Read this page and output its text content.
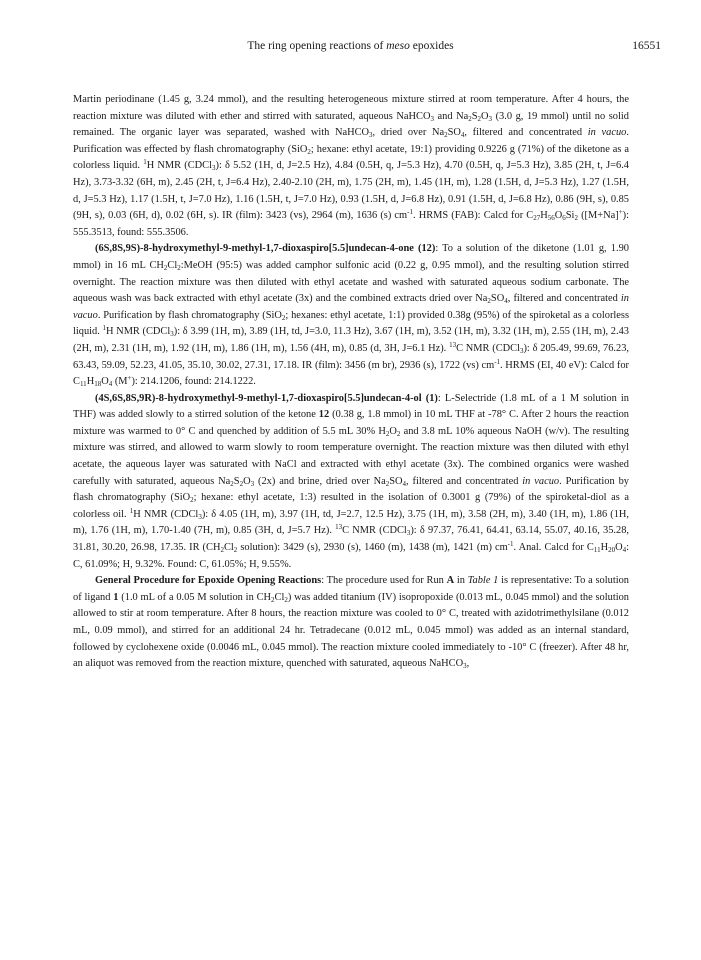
The ring opening reactions of meso epoxides	16551

Martin periodinane (1.45 g, 3.24 mmol), and the resulting heterogeneous mixture stirred at room temperature. After 4 hours, the reaction mixture was diluted with ether and stirred with saturated, aqueous NaHCO$_3$ and $Na_2S_2O_3$ (3.0 g, 19 mmol) until no solid remained. The organic layer was separated, washed with NaHCO$_3$, dried over $Na_2SO_4$, filtered and concentrated in vacuo. Purification was effected by flash chromatography (SiO$_2$; hexane: ethyl acetate, 19:1) providing 0.9226 g (71%) of the diketone as a colorless liquid. $^1$H NMR (CDCl$_3$): δ 5.52 (1H, d, J=2.5 Hz), 4.84 (0.5H, q, J=5.3 Hz), 4.70 (0.5H, q, J=5.3 Hz), 3.85 (2H, t, J=6.4 Hz), 3.73-3.32 (6H, m), 2.45 (2H, t, J=6.4 Hz), 2.40-2.10 (2H, m), 1.75 (2H, m), 1.45 (1H, m), 1.28 (1.5H, d, J=5.3 Hz), 1.27 (1.5H, d, J=5.3 Hz), 1.17 (1.5H, t, J=7.0 Hz), 1.16 (1.5H, t, J=7.0 Hz), 0.93 (1.5H, d, J=6.8 Hz), 0.91 (1.5H, d, J=6.8 Hz), 0.86 (9H, s), 0.85 (9H, s), 0.03 (6H, d), 0.02 (6H, s). IR (film): 3423 (vs), 2964 (m), 1636 (s) $cm^{-1}$. HRMS (FAB): Calcd for $C_{27}H_{56}O_6Si_2$ ([M+Na]+): 555.3513, found: 555.3506.

(6S,8S,9S)-8-hydroxymethyl-9-methyl-1,7-dioxaspiro[5.5]undecan-4-one (12): To a solution of the diketone (1.01 g, 1.90 mmol) in 16 mL $CH_2Cl_2:MeOH$ (95:5) was added camphor sulfonic acid (0.22 g, 0.95 mmol), and the resulting solution stirred overnight. The reaction mixture was then diluted with ethyl acetate and washed with saturated aqueous sodium carbonate. The aqueous wash was back extracted with ethyl acetate (3x) and the combined extracts dried over $Na_2SO_4$, filtered and concentrated in vacuo. Purification by flash chromatography (SiO$_2$; hexanes: ethyl acetate, 1:1) provided 0.38g (95%) of the spiroketal as a colorless liquid. $^1$H NMR (CDCl$_3$): δ 3.99 (1H, m), 3.89 (1H, td, J=3.0, 11.3 Hz), 3.67 (1H, m), 3.52 (1H, m), 3.32 (1H, m), 2.55 (1H, m), 2.43 (2H, m), 2.31 (1H, m), 1.92 (1H, m), 1.86 (1H, m), 1.56 (4H, m), 0.85 (d, 3H, J=6.1 Hz). $^{13}$C NMR (CDCl$_3$): δ 205.49, 99.69, 76.23, 63.43, 59.09, 52.23, 41.05, 35.10, 30.02, 27.31, 17.18. IR (film): 3456 (m br), 2936 (s), 1722 (vs) $cm^{-1}$. HRMS (EI, 40 eV): Calcd for $C_{11}H_{18}O_4$ (M+): 214.1206, found: 214.1222.

(4S,6S,8S,9R)-8-hydroxymethyl-9-methyl-1,7-dioxaspiro[5.5]undecan-4-ol (1): L-Selectride (1.8 mL of a 1 M solution in THF) was added slowly to a stirred solution of the ketone 12 (0.38 g, 1.8 mmol) in 10 mL THF at -78° C. After 2 hours the reaction mixture was warmed to 0° C and quenched by addition of 5.5 mL 30% $H_2O_2$ and 3.8 mL 10% aqueous NaOH (w/v). The resulting mixture was stirred, and allowed to warm slowly to room temperature overnight. The reaction mixture was then diluted with ethyl acetate, the aqueous layer was saturated with NaCl and extracted with ethyl acetate (3x). The combined organics were washed carefully with saturated, aqueous $Na_2S_2O_3$ (2x) and brine, dried over $Na_2SO_4$, filtered and concentrated in vacuo. Purification by flash chromatography (SiO$_2$; hexane: ethyl acetate, 1:3) resulted in the isolation of 0.3001 g (79%) of the spiroketal-diol as a colorless oil. $^1$H NMR (CDCl$_3$): δ 4.05 (1H, m), 3.97 (1H, td, J=2.7, 12.5 Hz), 3.75 (1H, m), 3.58 (2H, m), 3.40 (1H, m), 1.86 (1H, m), 1.76 (1H, m), 1.70-1.40 (7H, m), 0.85 (3H, d, J=5.7 Hz). $^{13}$C NMR (CDCl$_3$): δ 97.37, 76.41, 64.41, 63.14, 55.07, 40.16, 35.28, 31.81, 30.20, 26.98, 17.35. IR ($CH_2Cl_2$ solution): 3429 (s), 2930 (s), 1460 (m), 1438 (m), 1421 (m) $cm^{-1}$. Anal. Calcd for $C_{11}H_{20}O_4$: C, 61.09%; H, 9.32%. Found: C, 61.05%; H, 9.55%.

General Procedure for Epoxide Opening Reactions: The procedure used for Run A in Table 1 is representative: To a solution of ligand 1 (1.0 mL of a 0.05 M solution in $CH_2Cl_2$) was added titanium (IV) isopropoxide (0.013 mL, 0.045 mmol) and the solution allowed to stir at room temperature. After 8 hours, the reaction mixture was cooled to 0° C, treated with azidotrimethylsilane (0.012 mL, 0.09 mmol), and stirred for an additional 24 hr. Tetradecane (0.012 mL, 0.045 mmol) was added as an internal standard, followed by cyclohexene oxide (0.0046 mL, 0.045 mmol). The reaction mixture cooled immediately to -10° C (freezer). After 48 hr, an aliquot was removed from the reaction mixture, quenched with saturated, aqueous NaHCO$_3$,
